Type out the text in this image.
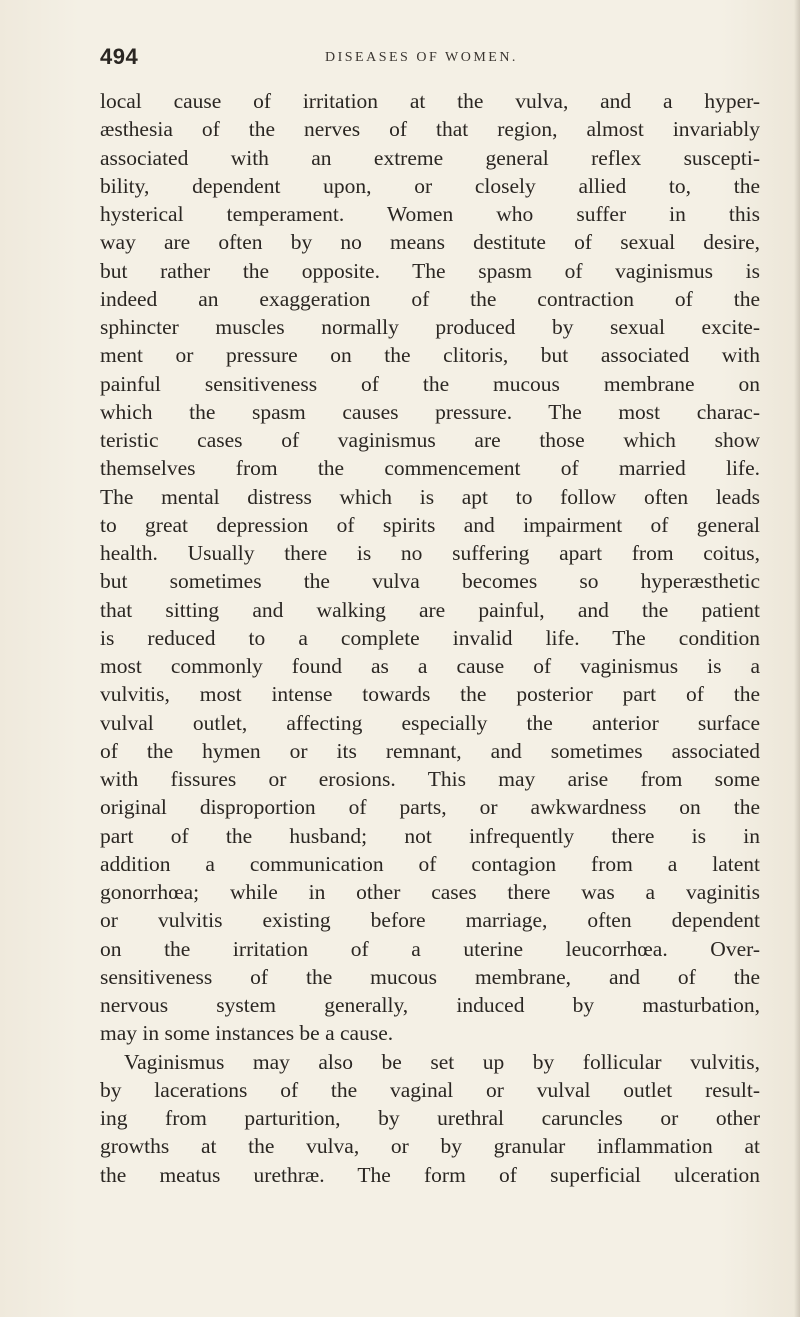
494	DISEASES OF WOMEN.
local cause of irritation at the vulva, and a hyper-
æsthesia of the nerves of that region, almost invariably
associated with an extreme general reflex suscepti-
bility, dependent upon, or closely allied to, the
hysterical temperament. Women who suffer in this
way are often by no means destitute of sexual desire,
but rather the opposite. The spasm of vaginismus is
indeed an exaggeration of the contraction of the
sphincter muscles normally produced by sexual excite-
ment or pressure on the clitoris, but associated with
painful sensitiveness of the mucous membrane on
which the spasm causes pressure. The most charac-
teristic cases of vaginismus are those which show
themselves from the commencement of married life.
The mental distress which is apt to follow often leads
to great depression of spirits and impairment of general
health. Usually there is no suffering apart from coitus,
but sometimes the vulva becomes so hyperæsthetic
that sitting and walking are painful, and the patient
is reduced to a complete invalid life. The condition
most commonly found as a cause of vaginismus is a
vulvitis, most intense towards the posterior part of the
vulval outlet, affecting especially the anterior surface
of the hymen or its remnant, and sometimes associated
with fissures or erosions. This may arise from some
original disproportion of parts, or awkwardness on the
part of the husband; not infrequently there is in
addition a communication of contagion from a latent
gonorrhœa; while in other cases there was a vaginitis
or vulvitis existing before marriage, often dependent
on the irritation of a uterine leucorrhœa. Over-
sensitiveness of the mucous membrane, and of the
nervous system generally, induced by masturbation,
may in some instances be a cause.
Vaginismus may also be set up by follicular vulvitis,
by lacerations of the vaginal or vulval outlet result-
ing from parturition, by urethral caruncles or other
growths at the vulva, or by granular inflammation at
the meatus urethræ. The form of superficial ulceration
